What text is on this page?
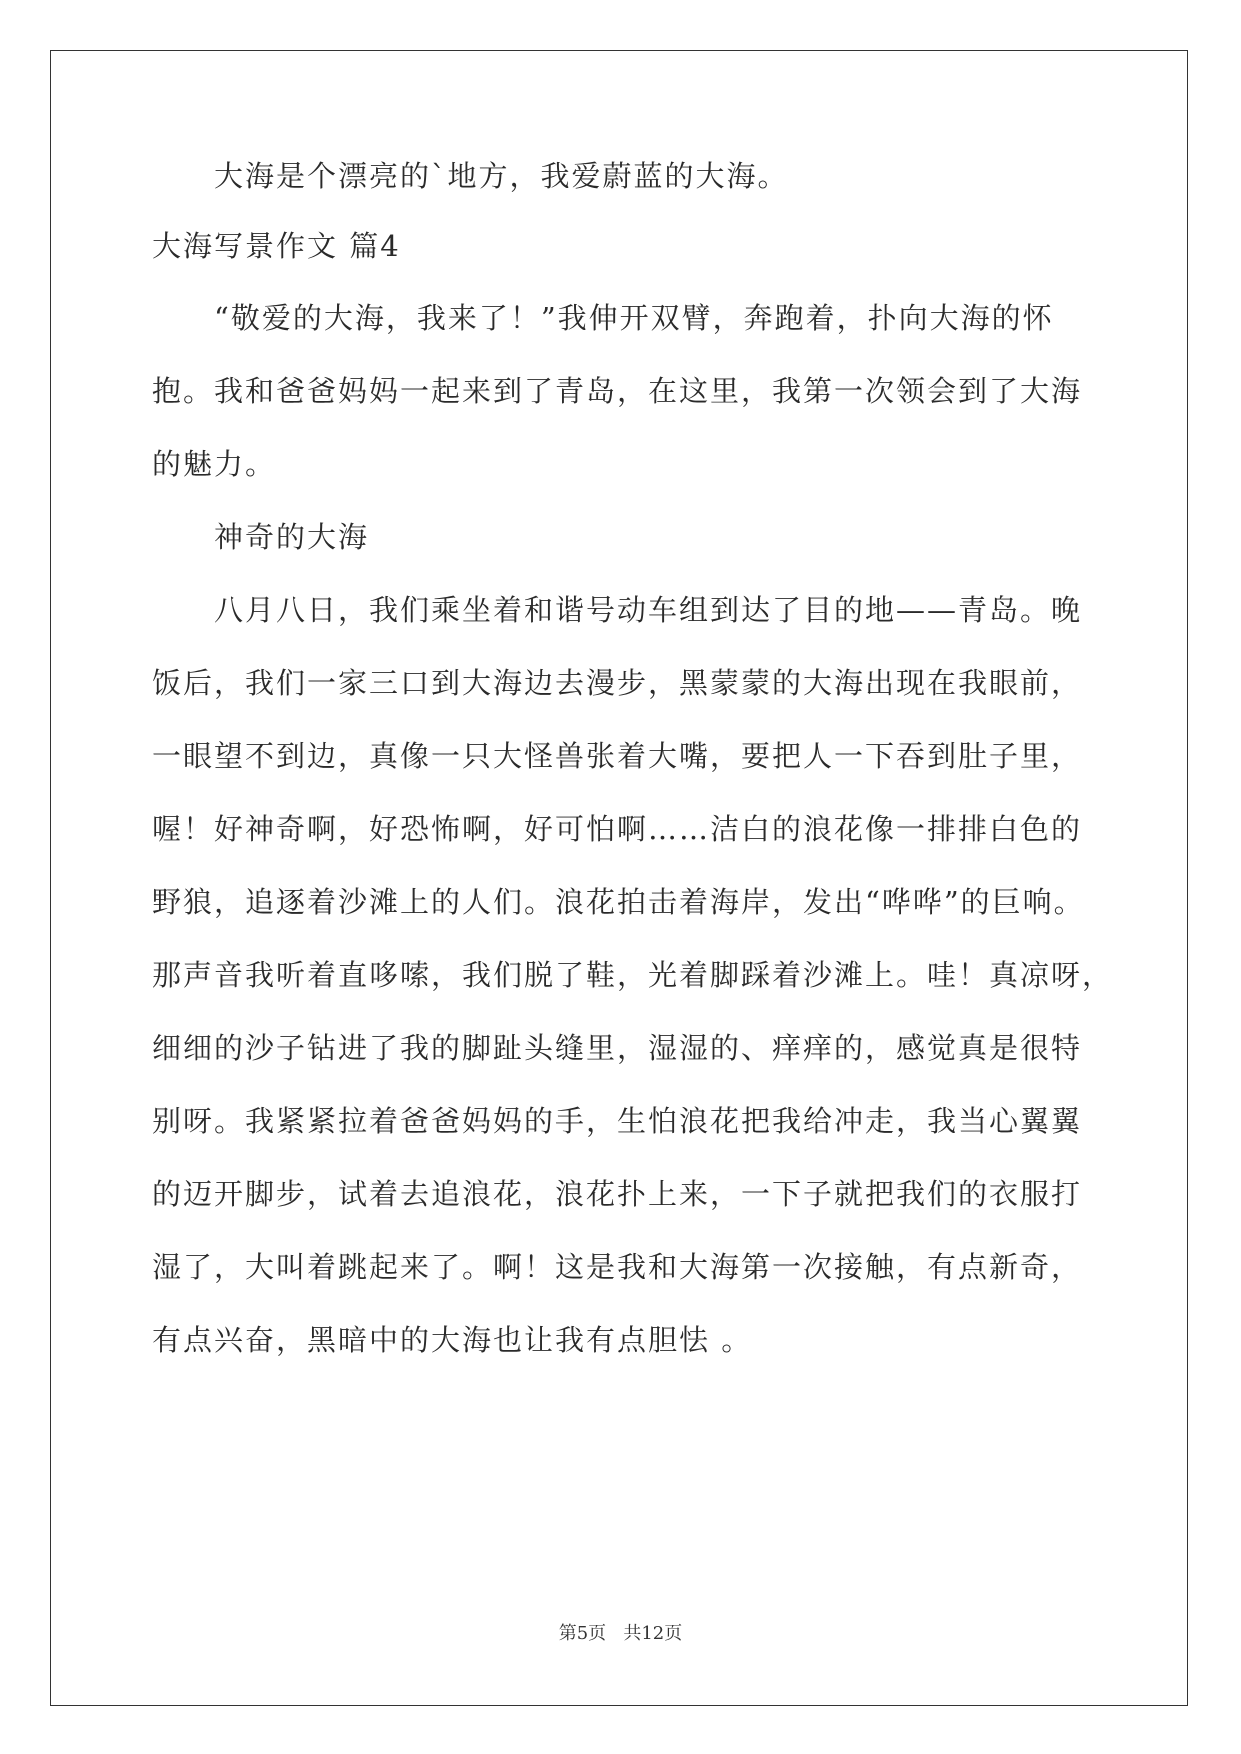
大海是个漂亮的`地方，我爱蔚蓝的大海。
大海写景作文 篇4
“敬爱的大海，我来了！”我伸开双臂，奔跑着，扑向大海的怀
抱。我和爸爸妈妈一起来到了青岛，在这里，我第一次领会到了大海
的魅力。
神奇的大海
八月八日，我们乘坐着和谐号动车组到达了目的地——青岛。晚
饭后，我们一家三口到大海边去漫步，黑蒙蒙的大海出现在我眼前，
一眼望不到边，真像一只大怪兽张着大嘴，要把人一下吞到肚子里，
喔！好神奇啊，好恐怖啊，好可怕啊……洁白的浪花像一排排白色的
野狼，追逐着沙滩上的人们。浪花拍击着海岸，发出“哗哗”的巨响。
那声音我听着直哆嗦，我们脱了鞋，光着脚踩着沙滩上。哇！真凉呀，
细细的沙子钻进了我的脚趾头缝里，湿湿的、痒痒的，感觉真是很特
别呀。我紧紧拉着爸爸妈妈的手，生怕浪花把我给冲走，我当心翼翼
的迈开脚步，试着去追浪花，浪花扑上来，一下子就把我们的衣服打
湿了，大叫着跳起来了。啊！这是我和大海第一次接触，有点新奇，
有点兴奋，黑暗中的大海也让我有点胆怯 。
第5页   共12页
